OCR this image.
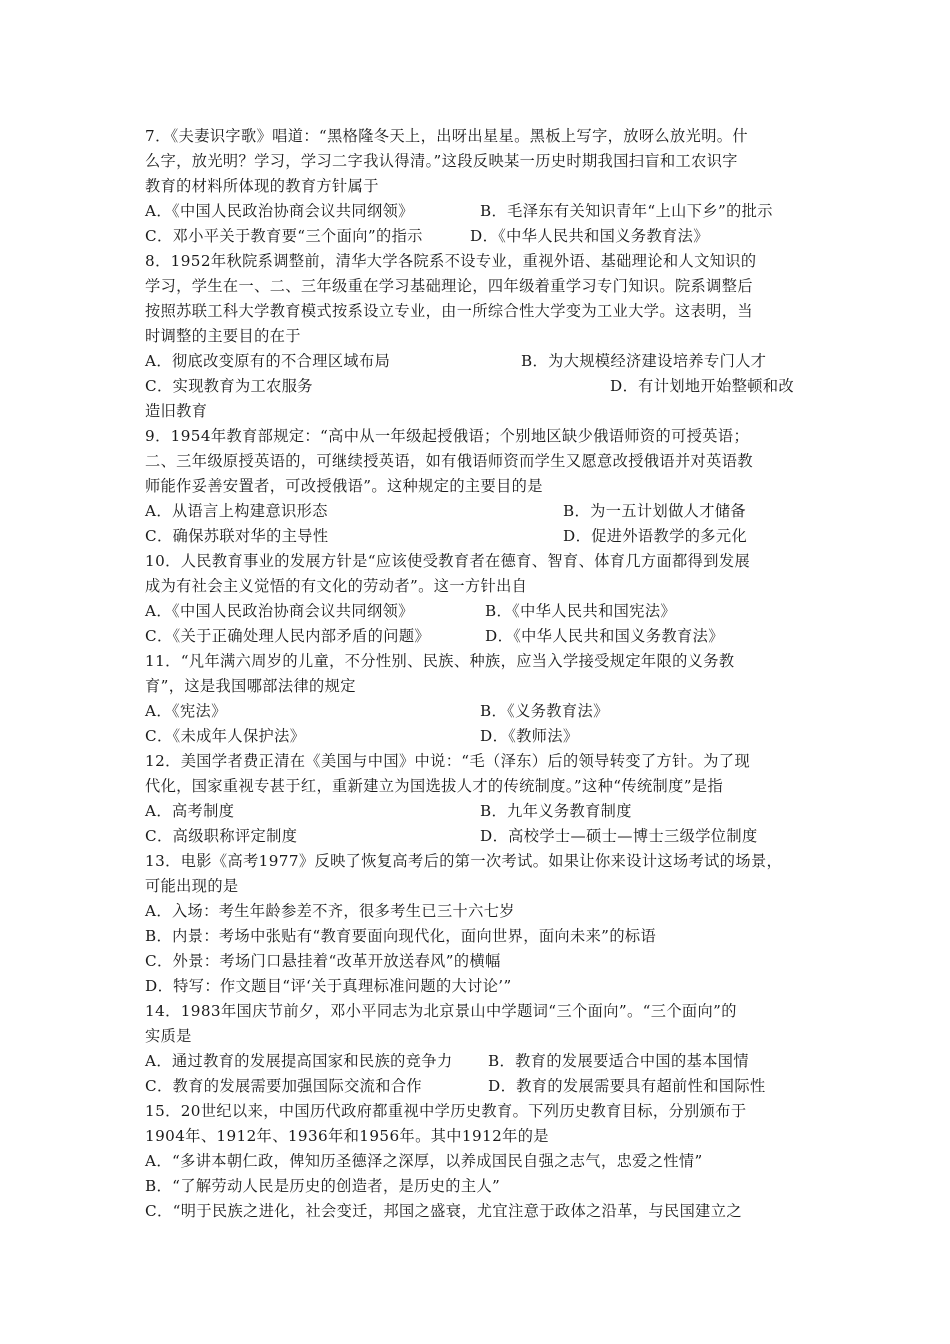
7．《夫妻识字歌》唱道：“黑格隆冬天上，出呀出星星。黑板上写字，放呀么放光明。什
么字，放光明？学习，学习二字我认得清。”这段反映某一历史时期我国扫盲和工农识字
教育的材料所体现的教育方针属于
A．《中国人民政治协商会议共同纲领》	B．毛泽东有关知识青年“上山下乡”的批示
C．邓小平关于教育要“三个面向”的指示	D．《中华人民共和国义务教育法》
8．1952年秋院系调整前，清华大学各院系不设专业，重视外语、基础理论和人文知识的
学习，学生在一、二、三年级重在学习基础理论，四年级着重学习专门知识。院系调整后
按照苏联工科大学教育模式按系设立专业，由一所综合性大学变为工业大学。这表明，当
时调整的主要目的在于
A．彻底改变原有的不合理区域布局	B．为大规模经济建设培养专门人才
C．实现教育为工农服务	D．有计划地开始整顿和改
造旧教育
9．1954年教育部规定：“高中从一年级起授俄语；个别地区缺少俄语师资的可授英语；
二、三年级原授英语的，可继续授英语，如有俄语师资而学生又愿意改授俄语并对英语教
师能作妥善安置者，可改授俄语”。这种规定的主要目的是
A．从语言上构建意识形态	B．为一五计划做人才储备
C．确保苏联对华的主导性	D．促进外语教学的多元化
10．人民教育事业的发展方针是“应该使受教育者在德育、智育、体育几方面都得到发展
成为有社会主义觉悟的有文化的劳动者”。这一方针出自
A．《中国人民政治协商会议共同纲领》	B．《中华人民共和国宪法》
C．《关于正确处理人民内部矛盾的问题》	D．《中华人民共和国义务教育法》
11．“凡年满六周岁的儿童，不分性别、民族、种族，应当入学接受规定年限的义务教
育”，这是我国哪部法律的规定
A．《宪法》	B．《义务教育法》
C．《未成年人保护法》	D．《教师法》
12．美国学者费正清在《美国与中国》中说：“毛（泽东）后的领导转变了方针。为了现
代化，国家重视专甚于红，重新建立为国选拔人才的传统制度。”这种“传统制度”是指
A．高考制度	B．九年义务教育制度
C．高级职称评定制度	D．高校学士—硕士—博士三级学位制度
13．电影《高考1977》反映了恢复高考后的第一次考试。如果让你来设计这场考试的场景，
可能出现的是
A．入场：考生年龄参差不齐，很多考生已三十六七岁
B．内景：考场中张贴有“教育要面向现代化，面向世界，面向未来”的标语
C．外景：考场门口悬挂着“改革开放送春风”的横幅
D．特写：作文题目“评‘关于真理标准问题的大讨论’”
14．1983年国庆节前夕，邓小平同志为北京景山中学题词“三个面向”。“三个面向”的
实质是
A．通过教育的发展提高国家和民族的竞争力 B．教育的发展要适合中国的基本国情
C．教育的发展需要加强国际交流和合作	D．教育的发展需要具有超前性和国际性
15．20世纪以来，中国历代政府都重视中学历史教育。下列历史教育目标，分别颁布于
1904年、1912年、1936年和1956年。其中1912年的是
A．“多讲本朝仁政，俾知历圣德泽之深厚，以养成国民自强之志气，忠爱之性情”
B．“了解劳动人民是历史的创造者，是历史的主人”
C．“明于民族之进化，社会变迁，邦国之盛衰，尤宜注意于政体之沿革，与民国建立之
